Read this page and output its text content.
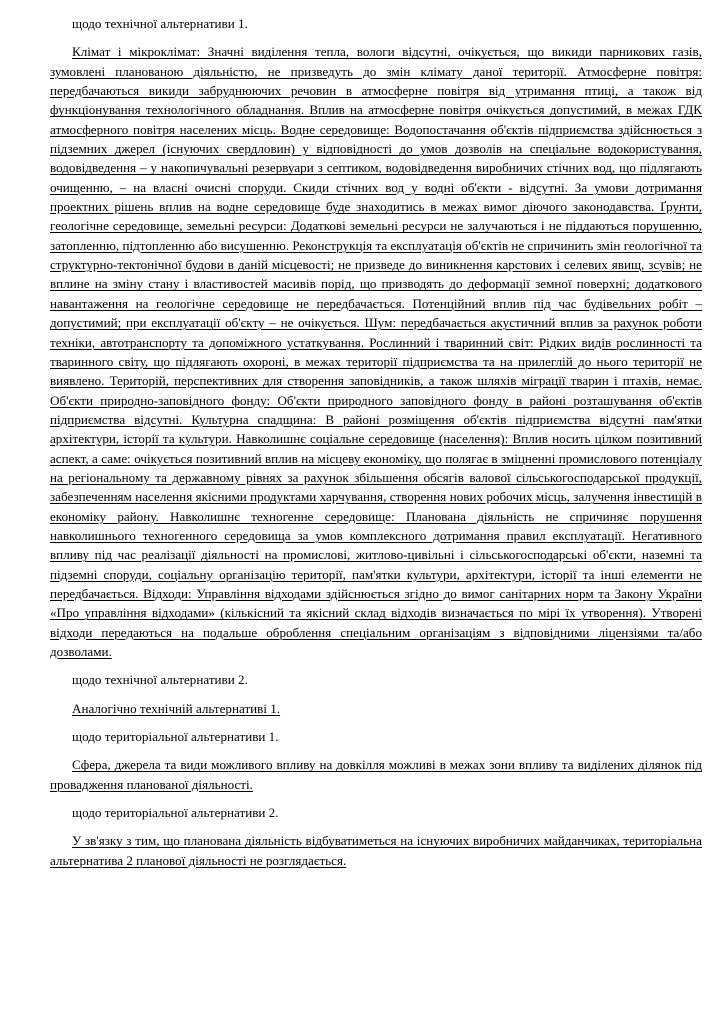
щодо технічної альтернативи 1.

Клімат і мікроклімат: Значні виділення тепла, вологи відсутні, очікується, що викиди парникових газів, зумовлені планованою діяльністю, не призведуть до змін клімату даної території. Атмосферне повітря: передбачаються викиди забруднюючих речовин в атмосферне повітря від утримання птиці, а також від функціонування технологічного обладнання. Вплив на атмосферне повітря очікується допустимий, в межах ГДК атмосферного повітря населених місць. Водне середовище: Водопостачання об'єктів підприємства здійснюється з підземних джерел (існуючих свердловин) у відповідності до умов дозволів на спеціальне водокористування, водовідведення – у накопичувальні резервуари з септиком, водовідведення виробничих стічних вод, що підлягають очищенню, – на власні очисні споруди. Скиди стічних вод у водні об'єкти - відсутні. За умови дотримання проектних рішень вплив на водне середовище буде знаходитись в межах вимог діючого законодавства. Ґрунти, геологічне середовище, земельні ресурси: Додаткові земельні ресурси не залучаються і не піддаються порушенню, затопленню, підтопленню або висушенню. Реконструкція та експлуатація об'єктів не спричинить змін геологічної та структурно-тектонічної будови в даній місцевості; не призведе до виникнення карстових і селевих явищ, зсувів; не вплине на зміну стану і властивостей масивів порід, що призводять до деформації земної поверхні; додаткового навантаження на геологічне середовище не передбачається. Потенційний вплив під час будівельних робіт – допустимий; при експлуатації об'єкту – не очікується. Шум: передбачається акустичний вплив за рахунок роботи техніки, автотранспорту та допоміжного устаткування. Рослинний і тваринний світ: Рідких видів рослинності та тваринного світу, що підлягають охороні, в межах території підприємства та на прилеглій до нього території не виявлено. Територій, перспективних для створення заповідників, а також шляхів міграції тварин і птахів, немає. Об'єкти природно-заповідного фонду: Об'єкти природного заповідного фонду в районі розташування об'єктів підприємства відсутні. Культурна спадщина: В районі розміщення об'єктів підприємства відсутні пам'ятки архітектури, історії та культури. Навколишнє соціальне середовище (населення): Вплив носить цілком позитивний аспект, а саме: очікується позитивний вплив на місцеву економіку, що полягає в зміцненні промислового потенціалу на регіональному та державному рівнях за рахунок збільшення обсягів валової сільськогосподарської продукції, забезпеченням населення якісними продуктами харчування, створення нових робочих місць, залучення інвестицій в економіку району. Навколишнє техногенне середовище: Планована діяльність не спричиняє порушення навколишнього техногенного середовища за умов комплексного дотримання правил експлуатації. Негативного впливу під час реалізації діяльності на промислові, житлово-цивільні і сільськогосподарські об'єкти, наземні та підземні споруди, соціальну організацію території, пам'ятки культури, архітектури, історії та інші елементи не передбачається. Відходи: Управління відходами здійснюється згідно до вимог санітарних норм та Закону України «Про управління відходами» (кількісний та якісний склад відходів визначається по мірі їх утворення). Утворені відходи передаються на подальше оброблення спеціальним організаціям з відповідними ліцензіями та/або дозволами.

щодо технічної альтернативи 2.

Аналогічно технічній альтернативі 1.

щодо територіальної альтернативи 1.

Сфера, джерела та види можливого впливу на довкілля можливі в межах зони впливу та виділених ділянок під провадження планованої діяльності.

щодо територіальної альтернативи 2.

У зв'язку з тим, що планована діяльність відбуватиметься на існуючих виробничих майданчиках, територіальна альтернатива 2 планової діяльності не розглядається.
